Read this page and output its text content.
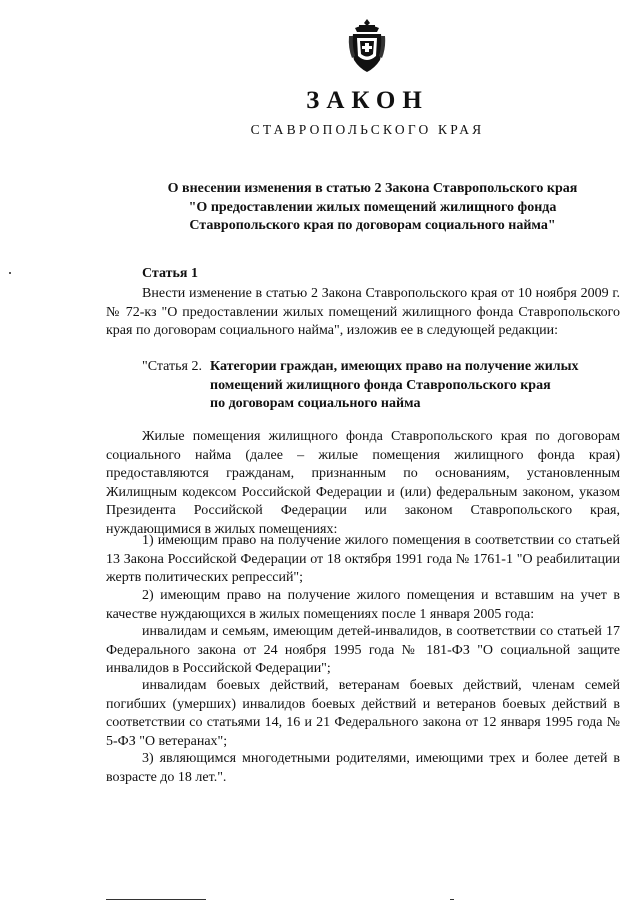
ЗАКОН
СТАВРОПОЛЬСКОГО КРАЯ
О внесении изменения в статью 2 Закона Ставропольского края
"О предоставлении жилых помещений жилищного фонда
Ставропольского края по договорам социального найма"
Статья 1

Внести изменение в статью 2 Закона Ставропольского края от 10 ноября 2009 г. № 72-кз "О предоставлении жилых помещений жилищного фонда Ставропольского края по договорам социального найма", изложив ее в следующей редакции:

"Статья 2. Категории граждан, имеющих право на получение жилых
помещений жилищного фонда Ставропольского края
по договорам социального найма

Жилые помещения жилищного фонда Ставропольского края по договорам социального найма (далее – жилые помещения жилищного фонда края) предоставляются гражданам, признанным по основаниям, установленным Жилищным кодексом Российской Федерации и (или) федеральным законом, указом Президента Российской Федерации или законом Ставропольского края, нуждающимися в жилых помещениях:

1) имеющим право на получение жилого помещения в соответствии со статьей 13 Закона Российской Федерации от 18 октября 1991 года № 1761-1 "О реабилитации жертв политических репрессий";

2) имеющим право на получение жилого помещения и вставшим на учет в качестве нуждающихся в жилых помещениях после 1 января 2005 года:

инвалидам и семьям, имеющим детей-инвалидов, в соответствии со статьей 17 Федерального закона от 24 ноября 1995 года № 181-ФЗ "О социальной защите инвалидов в Российской Федерации";

инвалидам боевых действий, ветеранам боевых действий, членам семей погибших (умерших) инвалидов боевых действий и ветеранов боевых действий в соответствии со статьями 14, 16 и 21 Федерального закона от 12 января 1995 года № 5-ФЗ "О ветеранах";

3) являющимся многодетными родителями, имеющими трех и более детей в возрасте до 18 лет.".
